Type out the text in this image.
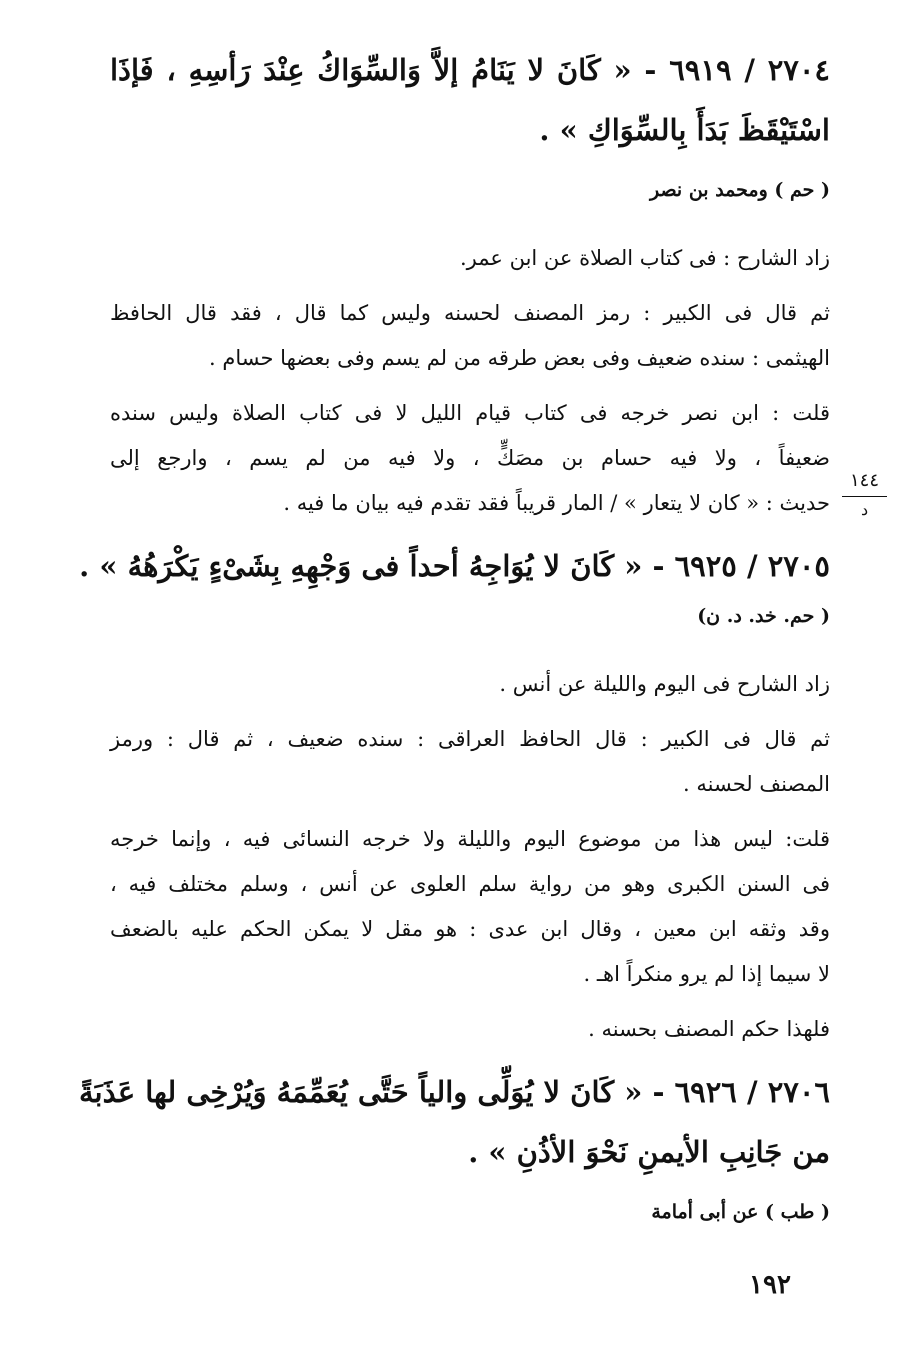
٢٧٠٤ / ٦٩١٩ - « كَانَ لا يَنَامُ إلاَّ وَالسِّوَاكُ عِنْدَ رَأسِهِ ، فَإذَا

اسْتَيْقَظَ بَدَأَ بِالسِّوَاكِ » .

( حم ) ومحمد بن نصر

زاد الشارح : فى كتاب الصلاة عن ابن عمر.

ثم قال فى الكبير : رمز المصنف لحسنه وليس كما قال ، فقد قال الحافظ

الهيثمى : سنده ضعيف وفى بعض طرقه من لم يسم وفى بعضها حسام .

قلت : ابن نصر خرجه فى كتاب قيام الليل لا فى كتاب الصلاة وليس سنده

ضعيفاً ، ولا فيه حسام بن مصَكٍّ ، ولا فيه من لم يسم ، وارجع إلى

حديث : « كان لا يتعار » / المار قريباً فقد تقدم فيه بيان ما فيه .

٢٧٠٥ / ٦٩٢٥ - « كَانَ لا يُوَاجِهُ أحداً فى وَجْهِهِ بِشَىْءٍ يَكْرَهُهُ » .

( حم. خد. د. ن)

زاد الشارح فى اليوم والليلة عن أنس .

ثم قال فى الكبير : قال الحافظ العراقى : سنده ضعيف ، ثم قال : ورمز

المصنف لحسنه .

قلت: ليس هذا من موضوع اليوم والليلة ولا خرجه النسائى فيه ، وإنما خرجه

فى السنن الكبرى وهو من رواية سلم العلوى عن أنس ، وسلم مختلف فيه ،

وقد وثقه ابن معين ، وقال ابن عدى : هو مقل لا يمكن الحكم عليه بالضعف

لا سيما إذا لم يرو منكراً اهـ .

فلهذا حكم المصنف بحسنه .

٢٧٠٦ / ٦٩٢٦ - « كَانَ لا يُوَلِّى والياً حَتَّى يُعَمِّمَهُ وَيُرْخِى لها عَذَبَةً

من جَانِبِ الأيمنِ نَحْوَ الأذُنِ » .

( طب ) عن أبى أمامة

١٤٤
د
١٩٢
